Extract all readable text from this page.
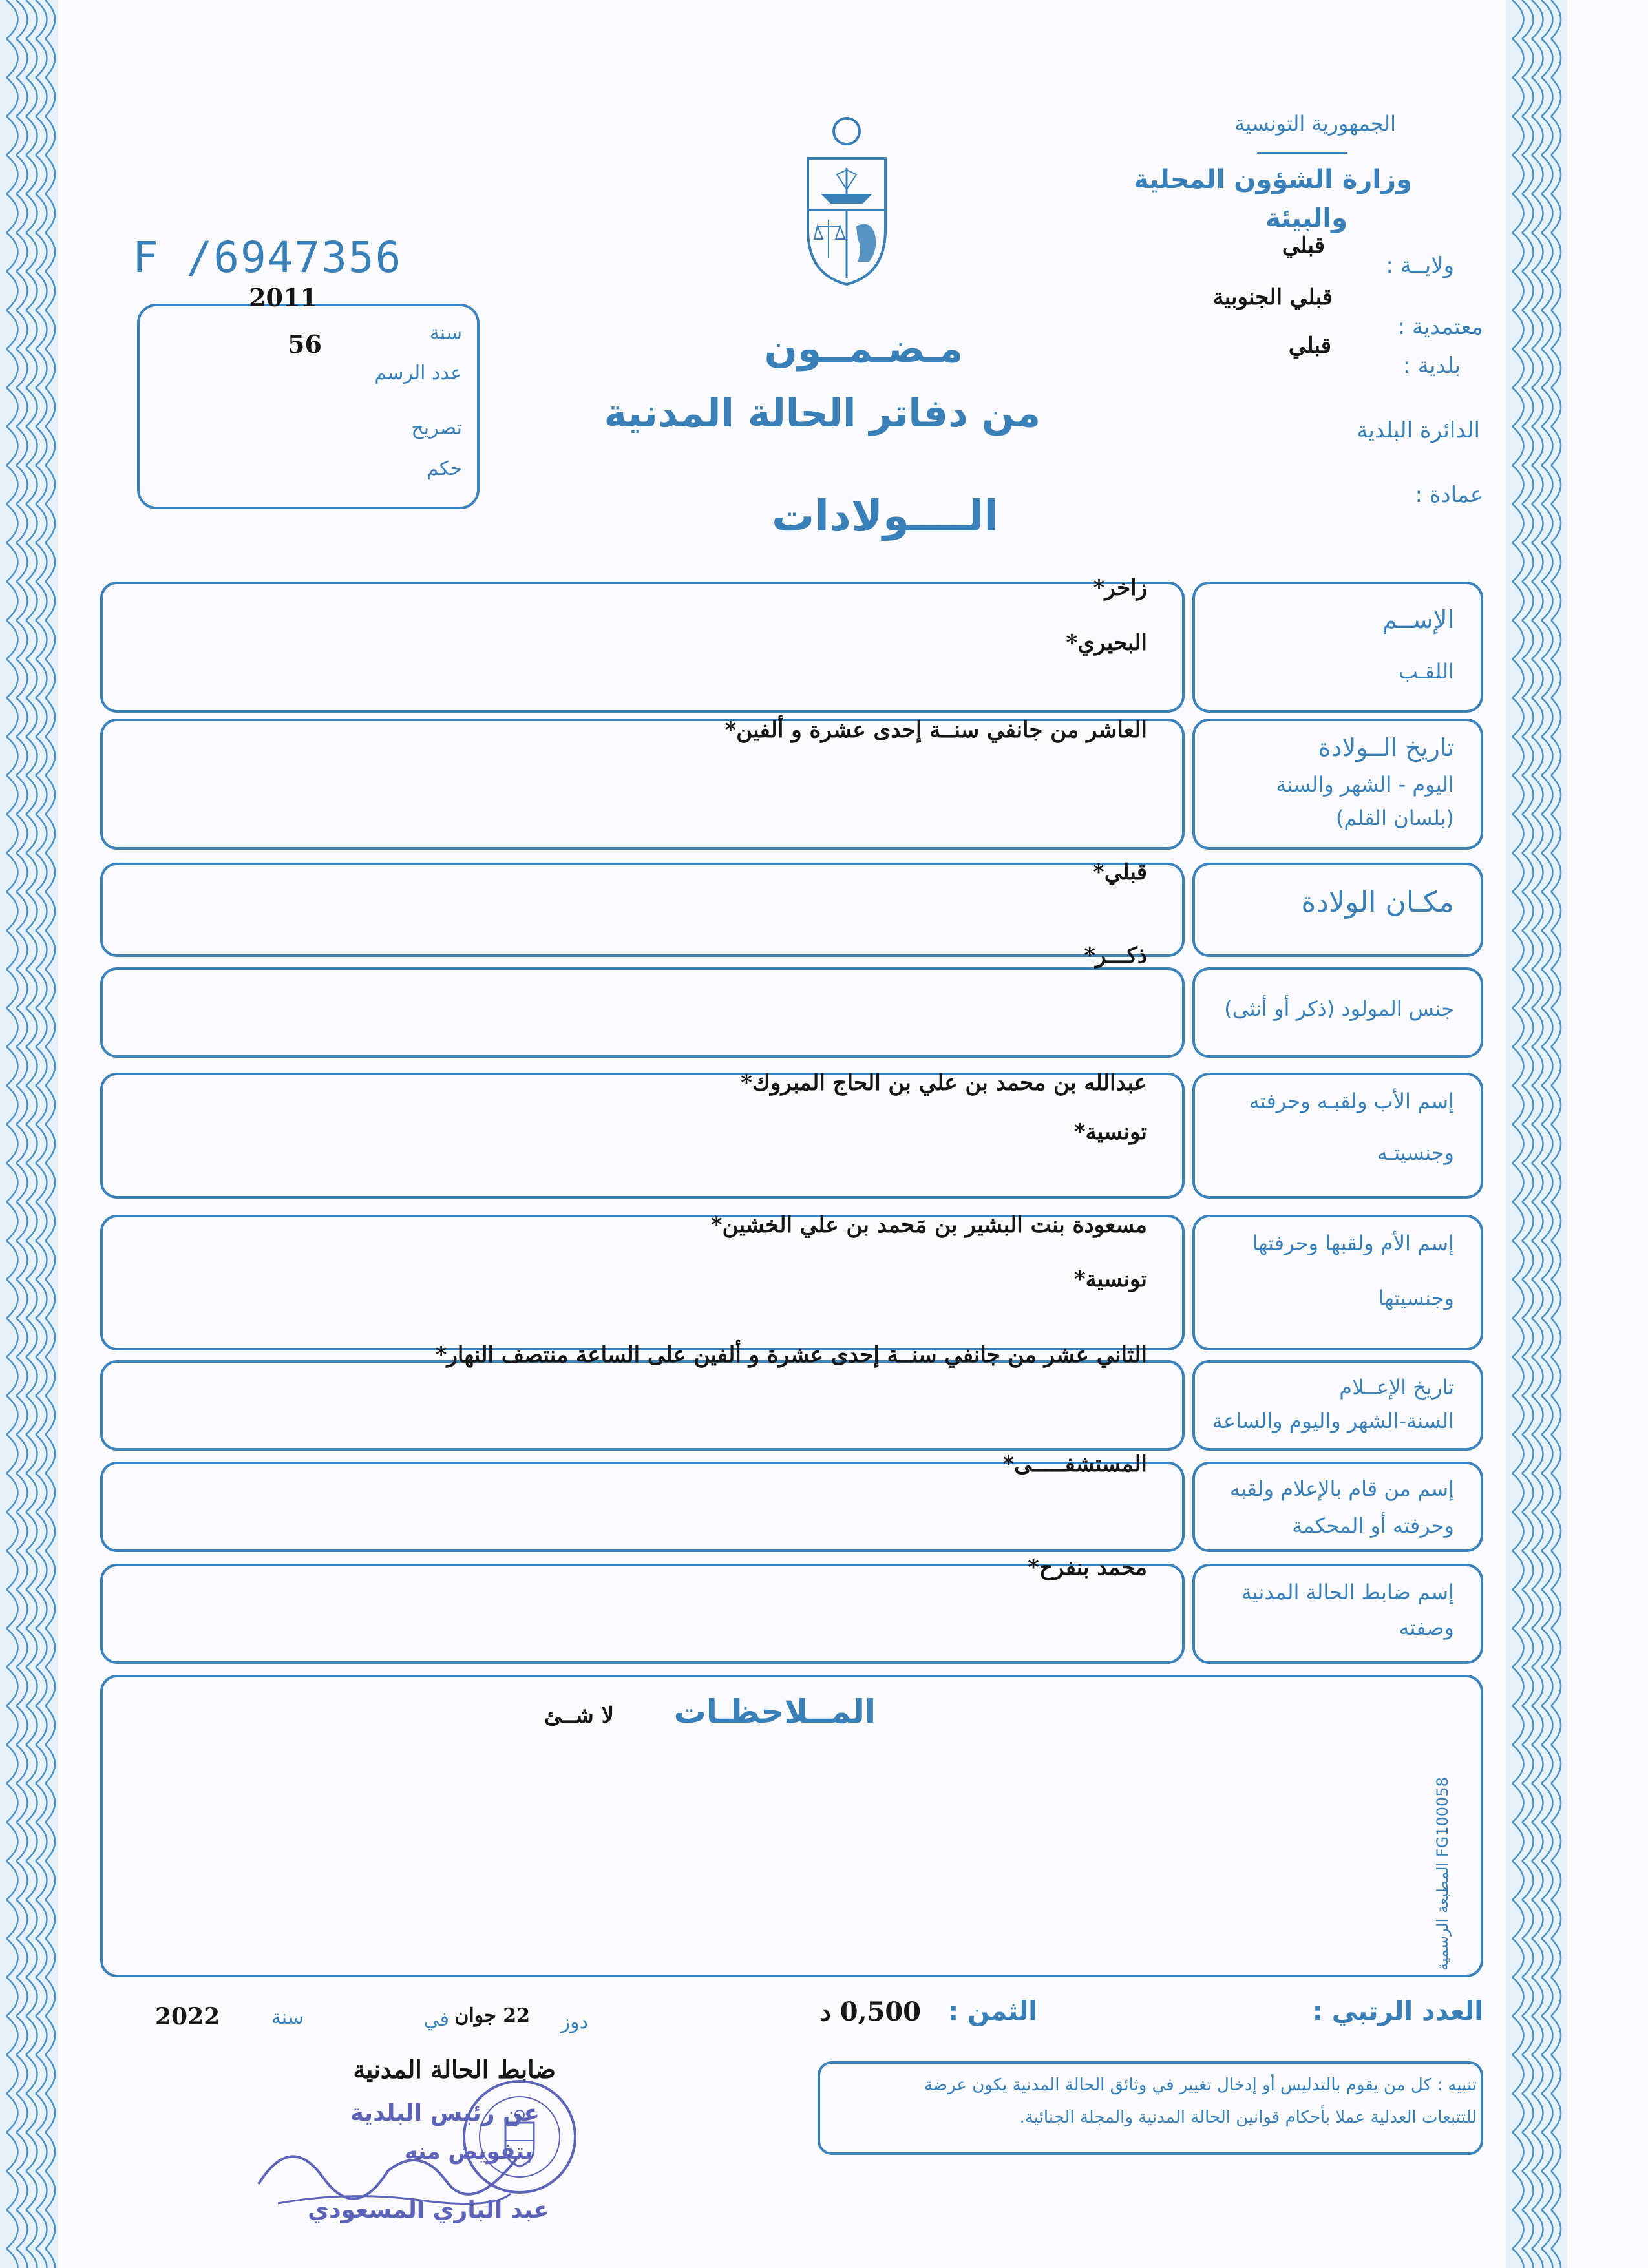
الجمهورية التونسية
وزارة الشؤون المحلية
والبيئة
ولايــة :
قبلي
معتمدية :
قبلي الجنوبية
بلدية :
قبلي
الدائرة البلدية
عمادة :
F /6947356
2011
سنة
56
عدد الرسم
تصريح
حكم
مـضـمــون
من دفاتر الحالة المدنية
الــــولادات
الإســم
اللقـب
زاخر*
البحيري*
تاريخ الــولادة
اليوم - الشهر والسنة
(بلسان القلم)
العاشر من جانفي سنــة إحدى عشرة و ألفين*
مكـان الولادة
قبلي*
جنس المولود (ذكر أو أنثى)
ذكـــر*
إسم الأب ولقبـه وحرفته
وجنسيتـه
عبدالله بن محمد بن علي بن الحاج المبروك*
تونسية*
إسم الأم ولقبها وحرفتها
وجنسيتها
مسعودة بنت البشير بن مَحمد بن علي الخشين*
تونسية*
تاريخ الإعــلام
السنة-الشهر واليوم والساعة
الثاني عشر من جانفي سنــة إحدى عشرة و ألفين على الساعة منتصف النهار*
إسم من قام بالإعلام ولقبه
وحرفته أو المحكمة
المستشفـــــى*
إسم ضابط الحالة المدنية
وصفته
محمد بنفرح*
المــلاحظـات
لا شــئ
المطبعة الرسمية FG100058
العدد الرتبي :
الثمن :
0,500 د
دوز
في 22 جوان
سنة
2022
تنبيه : كل من يقوم بالتدليس أو إدخال تغيير في وثائق الحالة المدنية يكون عرضة
للتتبعات العدلية عملا بأحكام قوانين الحالة المدنية والمجلة الجنائية.
ضابط الحالة المدنية
عن رئيس البلدية
بتفويض منه
عبد الباري المسعودي
